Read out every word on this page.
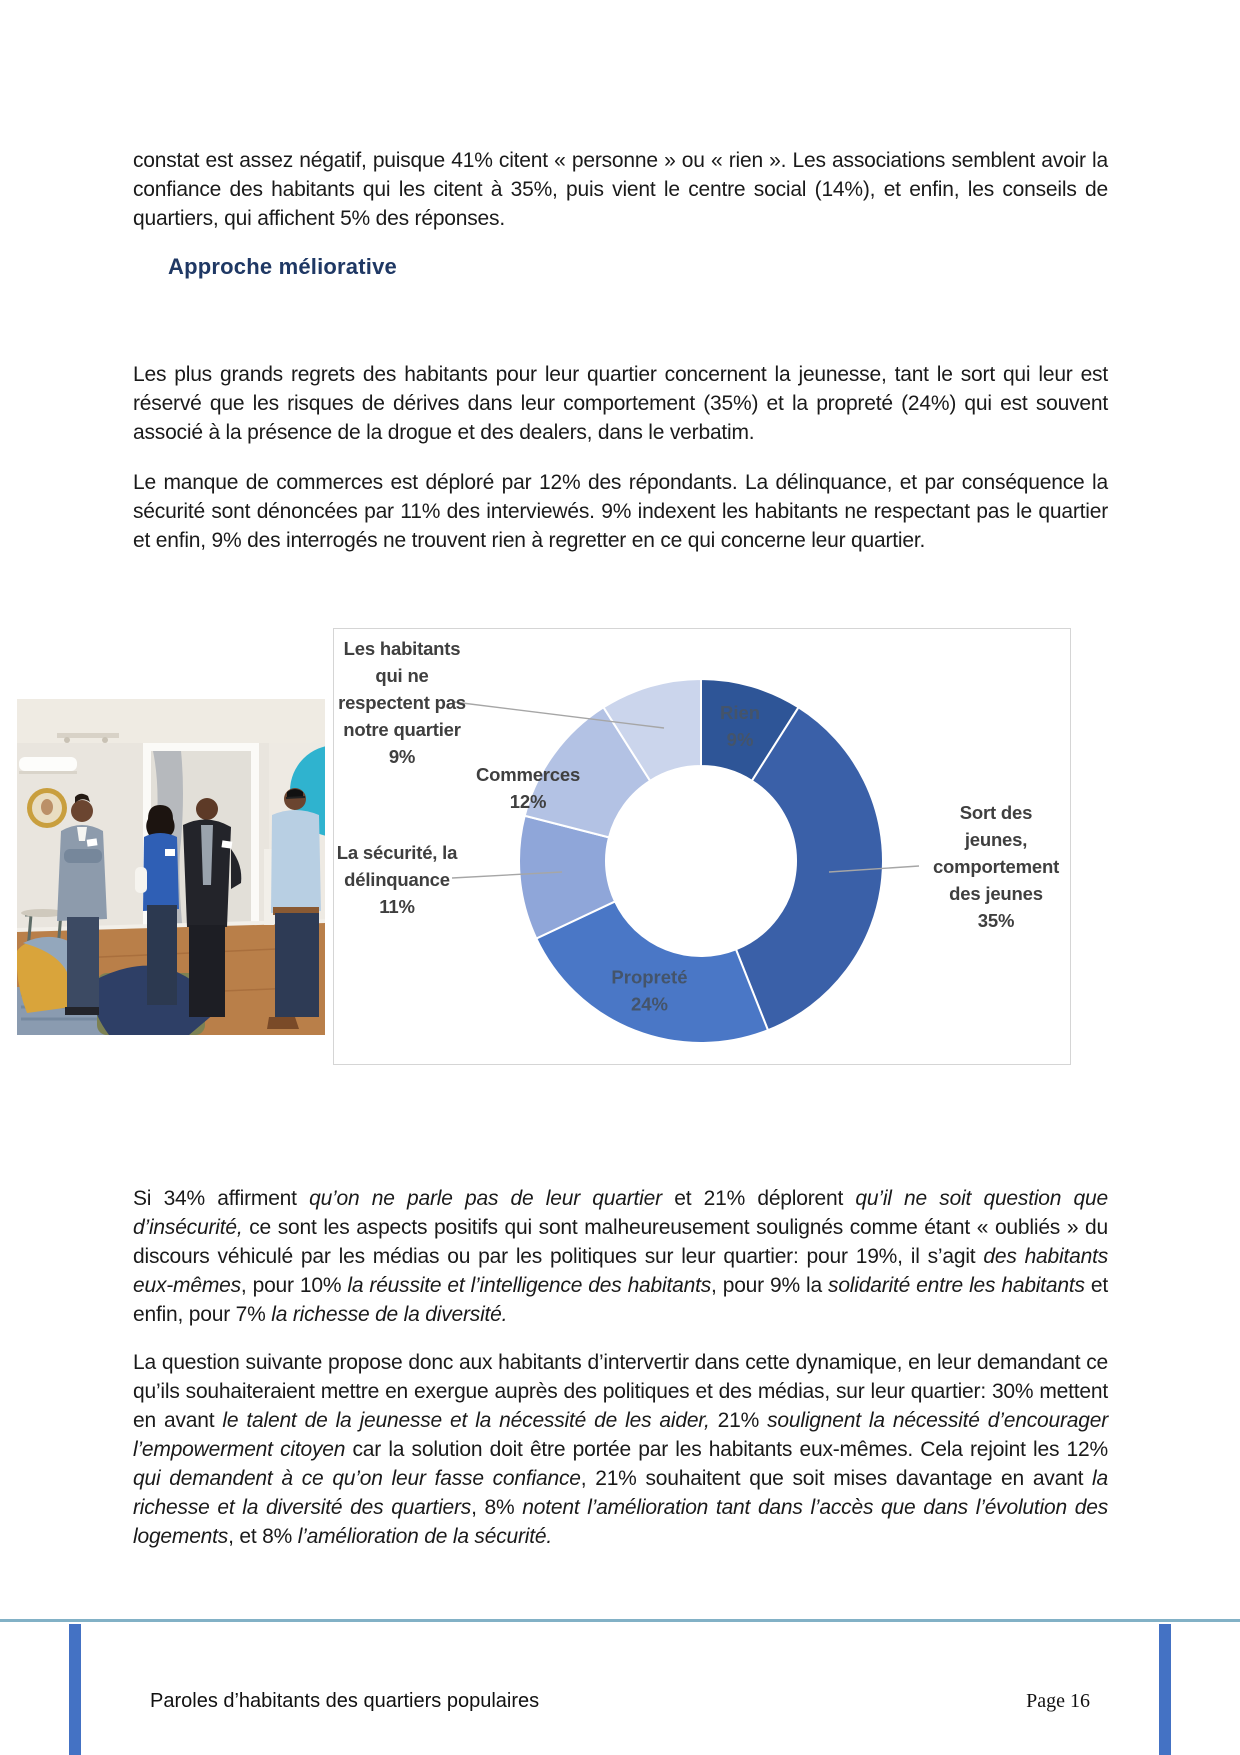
constat est assez négatif, puisque 41% citent « personne » ou « rien ». Les associations semblent avoir la confiance des habitants qui les citent à 35%, puis vient le centre social (14%), et enfin, les conseils de quartiers, qui affichent 5% des réponses.
Approche méliorative
Les plus grands regrets des habitants pour leur quartier concernent la jeunesse, tant le sort qui leur est réservé que les risques de dérives dans leur comportement (35%) et la propreté (24%) qui est souvent associé à la présence de la drogue et des dealers, dans le verbatim.
Le manque de commerces est déploré par 12% des répondants. La délinquance, et par conséquence la sécurité sont dénoncées par 11% des interviewés. 9% indexent les habitants ne respectant pas le quartier et enfin, 9% des interrogés ne trouvent rien à regretter en ce qui concerne leur quartier.
Rien 9%
Propreté 24%
Les habitants
qui ne
respectent pas
notre quartier
9%
Commerces
12%
La sécurité, la
délinquance
11%
Sort des
jeunes,
comportement
des jeunes
35%
Si 34% affirment qu’on ne parle pas de leur quartier et 21% déplorent qu’il ne soit question que d’insécurité, ce sont les aspects positifs qui sont malheureusement soulignés comme étant « oubliés » du discours véhiculé par les médias ou par les politiques sur leur quartier: pour 19%, il s’agit des habitants eux-mêmes, pour 10% la réussite et l’intelligence des habitants, pour 9% la solidarité entre les habitants et enfin, pour 7% la richesse de la diversité.
La question suivante propose donc aux habitants d’intervertir dans cette dynamique, en leur demandant ce qu’ils souhaiteraient mettre en exergue auprès des politiques et des médias, sur leur quartier: 30% mettent en avant le talent de la jeunesse et la nécessité de les aider, 21% soulignent la nécessité d’encourager l’empowerment citoyen car la solution doit être portée par les habitants eux-mêmes. Cela rejoint les 12% qui demandent à ce qu’on leur fasse confiance, 21% souhaitent que soit mises davantage en avant la richesse et la diversité des quartiers, 8% notent l’amélioration tant dans l’accès que dans l’évolution des logements, et 8% l’amélioration de la sécurité.
Paroles d’habitants des quartiers populaires	Page 16
